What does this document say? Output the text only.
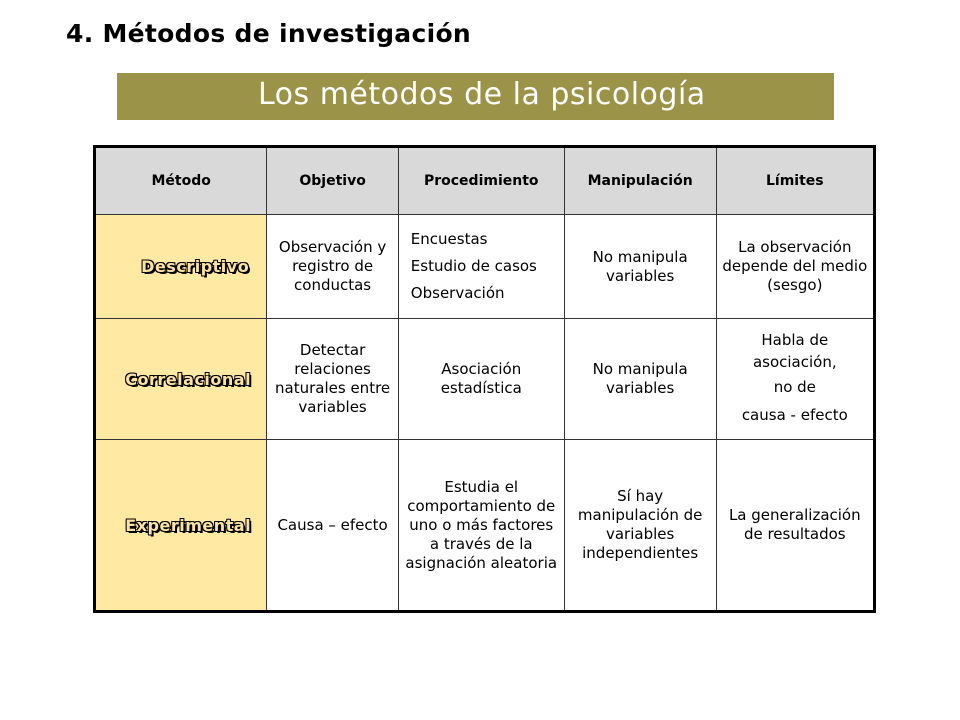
4. Métodos de investigación
Los métodos de la psicología
Método	Objetivo	Procedimiento	Manipulación	Límites

Descriptivo	Observación y registro de conductas	Encuestas
Estudio de casos
Observación	No manipula variables	La observación depende del medio (sesgo)

Correlacional	Detectar relaciones naturales entre variables	Asociación estadística	No manipula variables	Habla de asociación,
no de
causa - efecto

Experimental	Causa – efecto	Estudia el comportamiento de uno o más factores a través de la asignación aleatoria	Sí hay manipulación de variables independientes	La generalización de resultados
